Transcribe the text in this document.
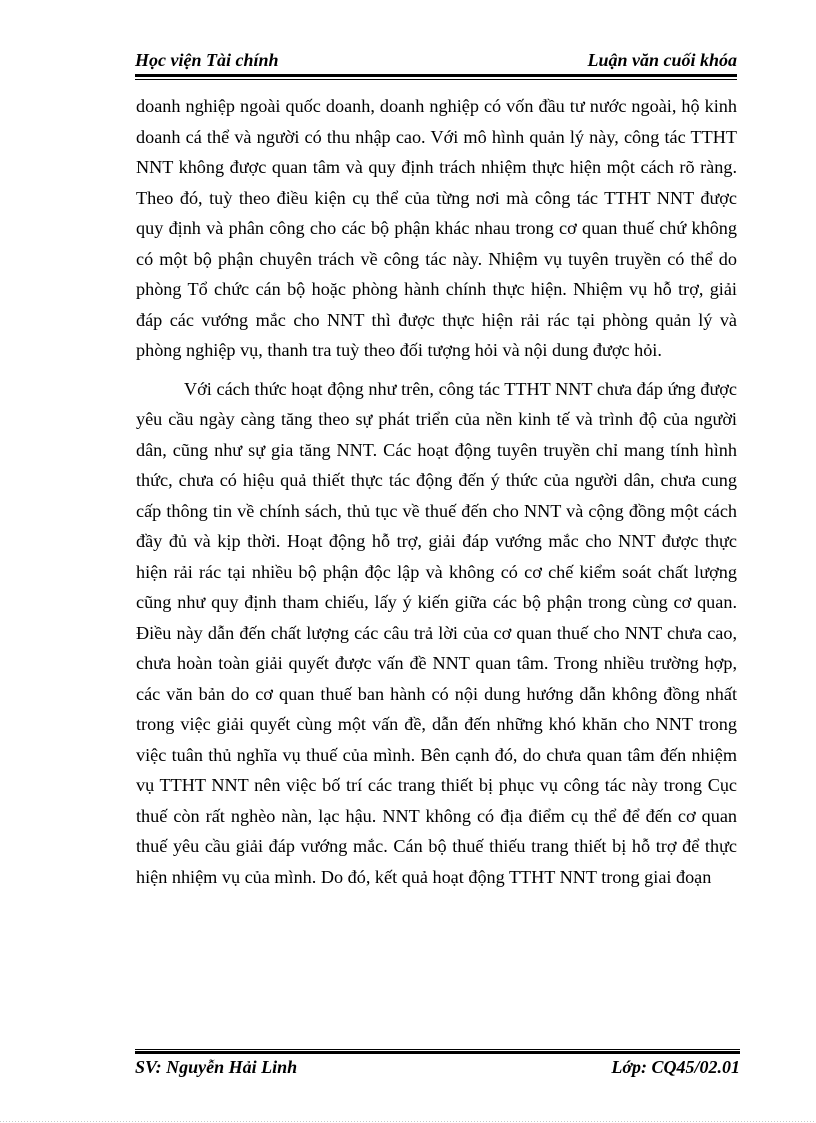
Học viện Tài chính	Luận văn cuối khóa

doanh nghiệp ngoài quốc doanh, doanh nghiệp có vốn đầu tư nước ngoài, hộ kinh doanh cá thể và người có thu nhập cao. Với mô hình quản lý này, công tác TTHT NNT không được quan tâm và quy định trách nhiệm thực hiện một cách rõ ràng. Theo đó, tuỳ theo điều kiện cụ thể của từng nơi mà công tác TTHT NNT được quy định và phân công cho các bộ phận khác nhau trong cơ quan thuế chứ không có một bộ phận chuyên trách về công tác này. Nhiệm vụ tuyên truyền có thể do phòng Tổ chức cán bộ hoặc phòng hành chính thực hiện. Nhiệm vụ hỗ trợ, giải đáp các vướng mắc cho NNT thì được thực hiện rải rác tại phòng quản lý và phòng nghiệp vụ, thanh tra tuỳ theo đối tượng hỏi và nội dung được hỏi.

Với cách thức hoạt động như trên, công tác TTHT NNT chưa đáp ứng được yêu cầu ngày càng tăng theo sự phát triển của nền kinh tế và trình độ của người dân, cũng như sự gia tăng NNT. Các hoạt động tuyên truyền chỉ mang tính hình thức, chưa có hiệu quả thiết thực tác động đến ý thức của người dân, chưa cung cấp thông tin về chính sách, thủ tục về thuế đến cho NNT và cộng đồng một cách đầy đủ và kịp thời. Hoạt động hỗ trợ, giải đáp vướng mắc cho NNT được thực hiện rải rác tại nhiều bộ phận độc lập và không có cơ chế kiểm soát chất lượng cũng như quy định tham chiếu, lấy ý kiến giữa các bộ phận trong cùng cơ quan. Điều này dẫn đến chất lượng các câu trả lời của cơ quan thuế cho NNT chưa cao, chưa hoàn toàn giải quyết được vấn đề NNT quan tâm. Trong nhiều trường hợp, các văn bản do cơ quan thuế ban hành có nội dung hướng dẫn không đồng nhất trong việc giải quyết cùng một vấn đề, dẫn đến những khó khăn cho NNT trong việc tuân thủ nghĩa vụ thuế của mình. Bên cạnh đó, do chưa quan tâm đến nhiệm vụ TTHT NNT nên việc bố trí các trang thiết bị phục vụ công tác này trong Cục thuế còn rất nghèo nàn, lạc hậu. NNT không có địa điểm cụ thể để đến cơ quan thuế yêu cầu giải đáp vướng mắc. Cán bộ thuế thiếu trang thiết bị hỗ trợ để thực hiện nhiệm vụ của mình. Do đó, kết quả hoạt động TTHT NNT trong giai đoạn

SV: Nguyễn Hải Linh	Lớp: CQ45/02.01
